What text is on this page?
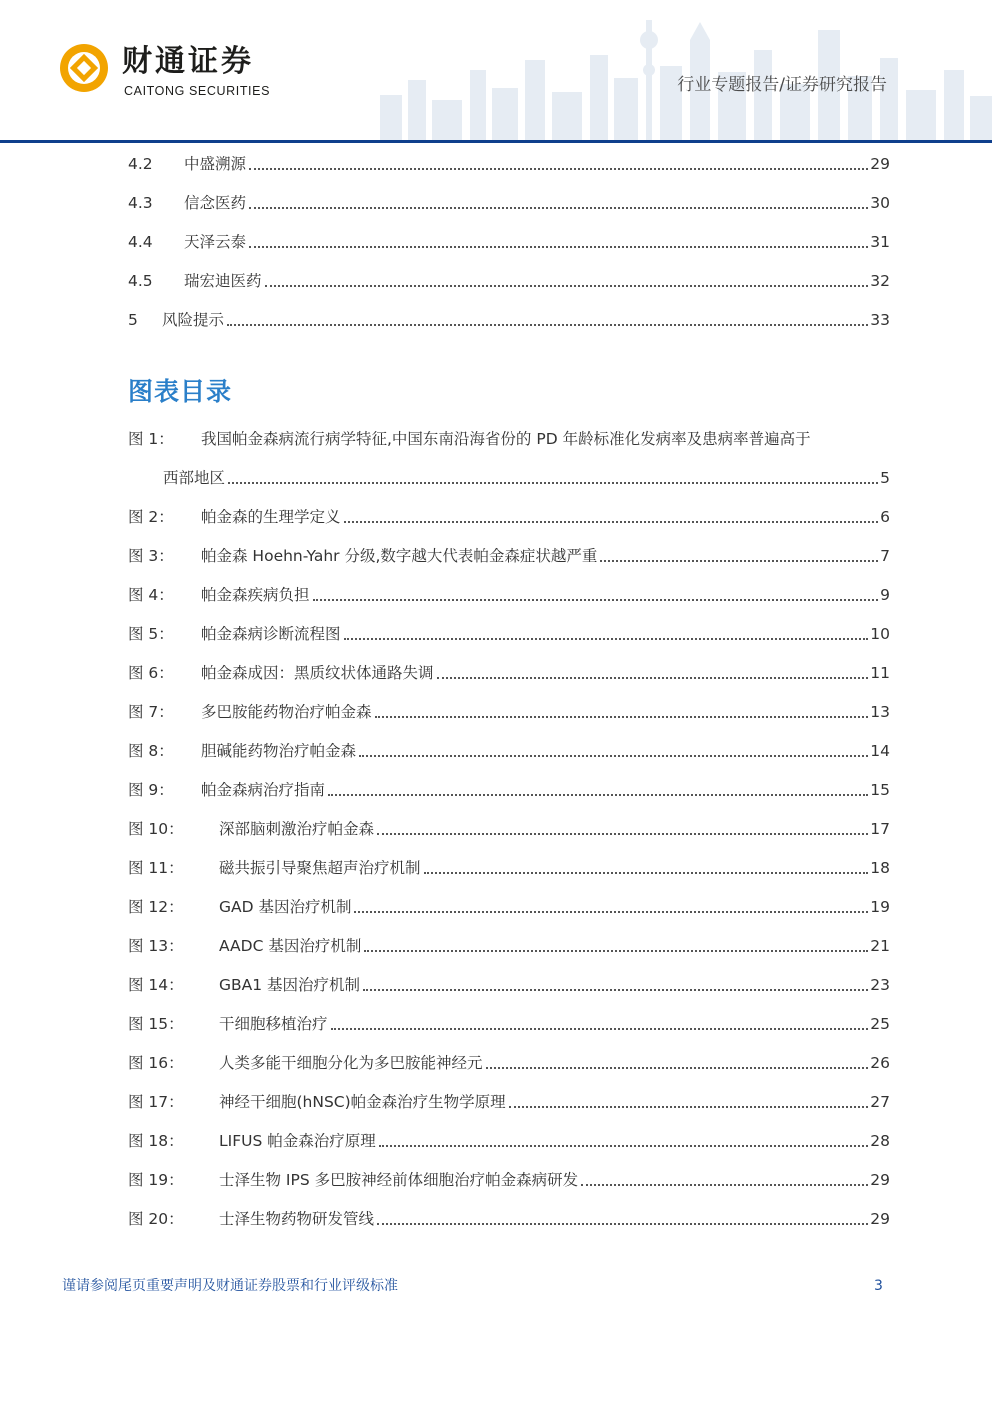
财通证券
CAITONG SECURITIES	行业专题报告/证券研究报告
4.2	中盛溯源	29
4.3	信念医药	30
4.4	天泽云泰	31
4.5	瑞宏迪医药	32
5	风险提示	33
图表目录
图 1：	我国帕金森病流行病学特征,中国东南沿海省份的 PD 年龄标准化发病率及患病率普遍高于
西部地区	5
图 2：	帕金森的生理学定义	6
图 3：	帕金森 Hoehn-Yahr 分级,数字越大代表帕金森症状越严重	7
图 4：	帕金森疾病负担	9
图 5：	帕金森病诊断流程图	10
图 6：	帕金森成因：黑质纹状体通路失调	11
图 7：	多巴胺能药物治疗帕金森	13
图 8：	胆碱能药物治疗帕金森	14
图 9：	帕金森病治疗指南	15
图 10：	深部脑刺激治疗帕金森	17
图 11：	磁共振引导聚焦超声治疗机制	18
图 12：	GAD 基因治疗机制	19
图 13：	AADC 基因治疗机制	21
图 14：	GBA1 基因治疗机制	23
图 15：	干细胞移植治疗	25
图 16：	人类多能干细胞分化为多巴胺能神经元	26
图 17：	神经干细胞(hNSC)帕金森治疗生物学原理	27
图 18：	LIFUS 帕金森治疗原理	28
图 19：	士泽生物 IPS 多巴胺神经前体细胞治疗帕金森病研发	29
图 20：	士泽生物药物研发管线	29
谨请参阅尾页重要声明及财通证券股票和行业评级标准	3
